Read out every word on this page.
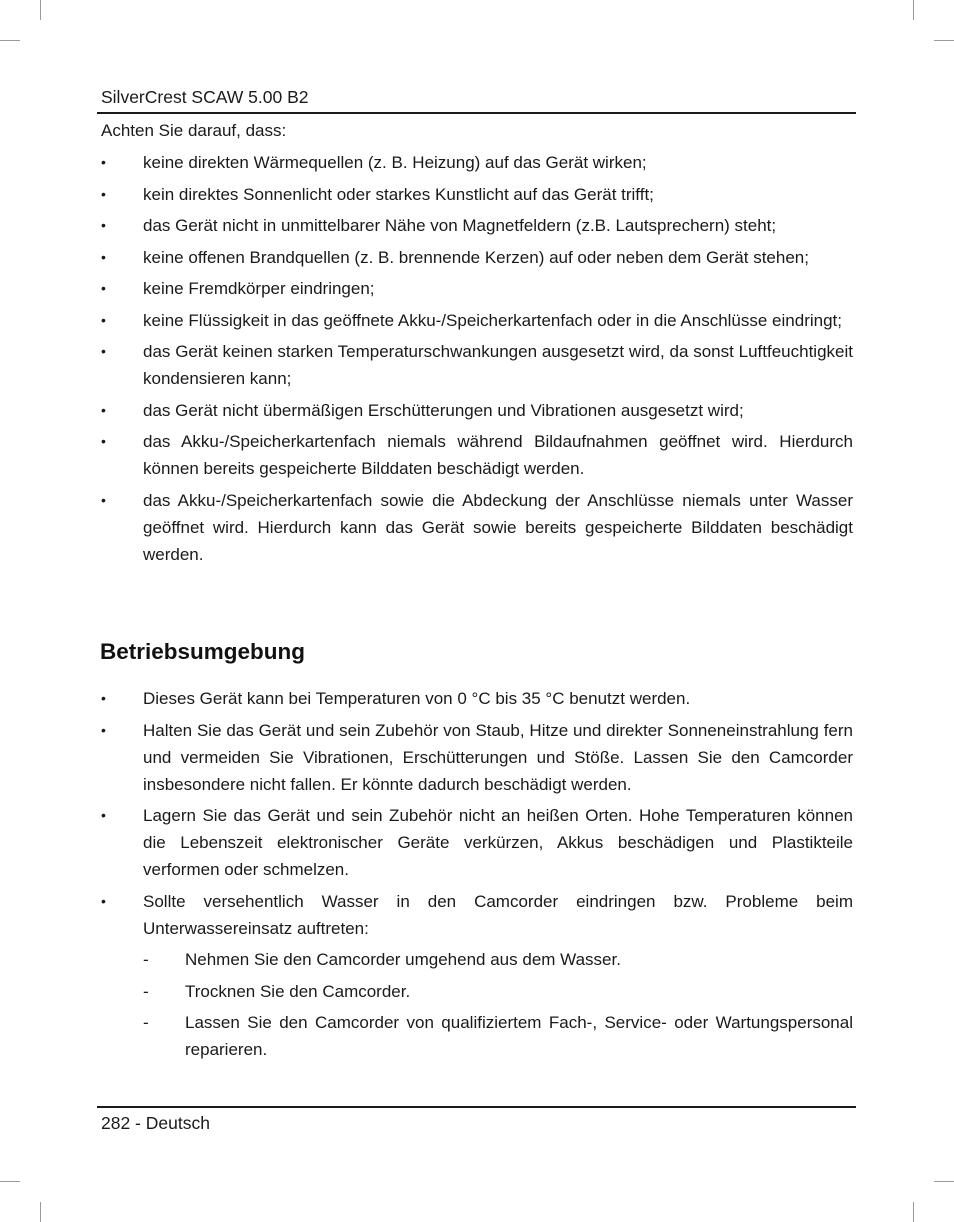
SilverCrest SCAW 5.00 B2
Achten Sie darauf, dass:
• keine direkten Wärmequellen (z. B. Heizung) auf das Gerät wirken;
• kein direktes Sonnenlicht oder starkes Kunstlicht auf das Gerät trifft;
• das Gerät nicht in unmittelbarer Nähe von Magnetfeldern (z.B. Lautsprechern) steht;
• keine offenen Brandquellen (z. B. brennende Kerzen) auf oder neben dem Gerät stehen;
• keine Fremdkörper eindringen;
• keine Flüssigkeit in das geöffnete Akku-/Speicherkartenfach oder in die Anschlüsse eindringt;
• das Gerät keinen starken Temperaturschwankungen ausgesetzt wird, da sonst Luftfeuchtigkeit kondensieren kann;
• das Gerät nicht übermäßigen Erschütterungen und Vibrationen ausgesetzt wird;
• das Akku-/Speicherkartenfach niemals während Bildaufnahmen geöffnet wird. Hierdurch können bereits gespeicherte Bilddaten beschädigt werden.
• das Akku-/Speicherkartenfach sowie die Abdeckung der Anschlüsse niemals unter Wasser geöffnet wird. Hierdurch kann das Gerät sowie bereits gespeicherte Bilddaten beschädigt werden.
Betriebsumgebung
• Dieses Gerät kann bei Temperaturen von 0 °C bis 35 °C benutzt werden.
• Halten Sie das Gerät und sein Zubehör von Staub, Hitze und direkter Sonneneinstrahlung fern und vermeiden Sie Vibrationen, Erschütterungen und Stöße. Lassen Sie den Camcorder insbesondere nicht fallen. Er könnte dadurch beschädigt werden.
• Lagern Sie das Gerät und sein Zubehör nicht an heißen Orten. Hohe Temperaturen können die Lebenszeit elektronischer Geräte verkürzen, Akkus beschädigen und Plastikteile verformen oder schmelzen.
• Sollte versehentlich Wasser in den Camcorder eindringen bzw. Probleme beim Unterwassereinsatz auftreten:
- Nehmen Sie den Camcorder umgehend aus dem Wasser.
- Trocknen Sie den Camcorder.
- Lassen Sie den Camcorder von qualifiziertem Fach-, Service- oder Wartungspersonal reparieren.
282 - Deutsch
